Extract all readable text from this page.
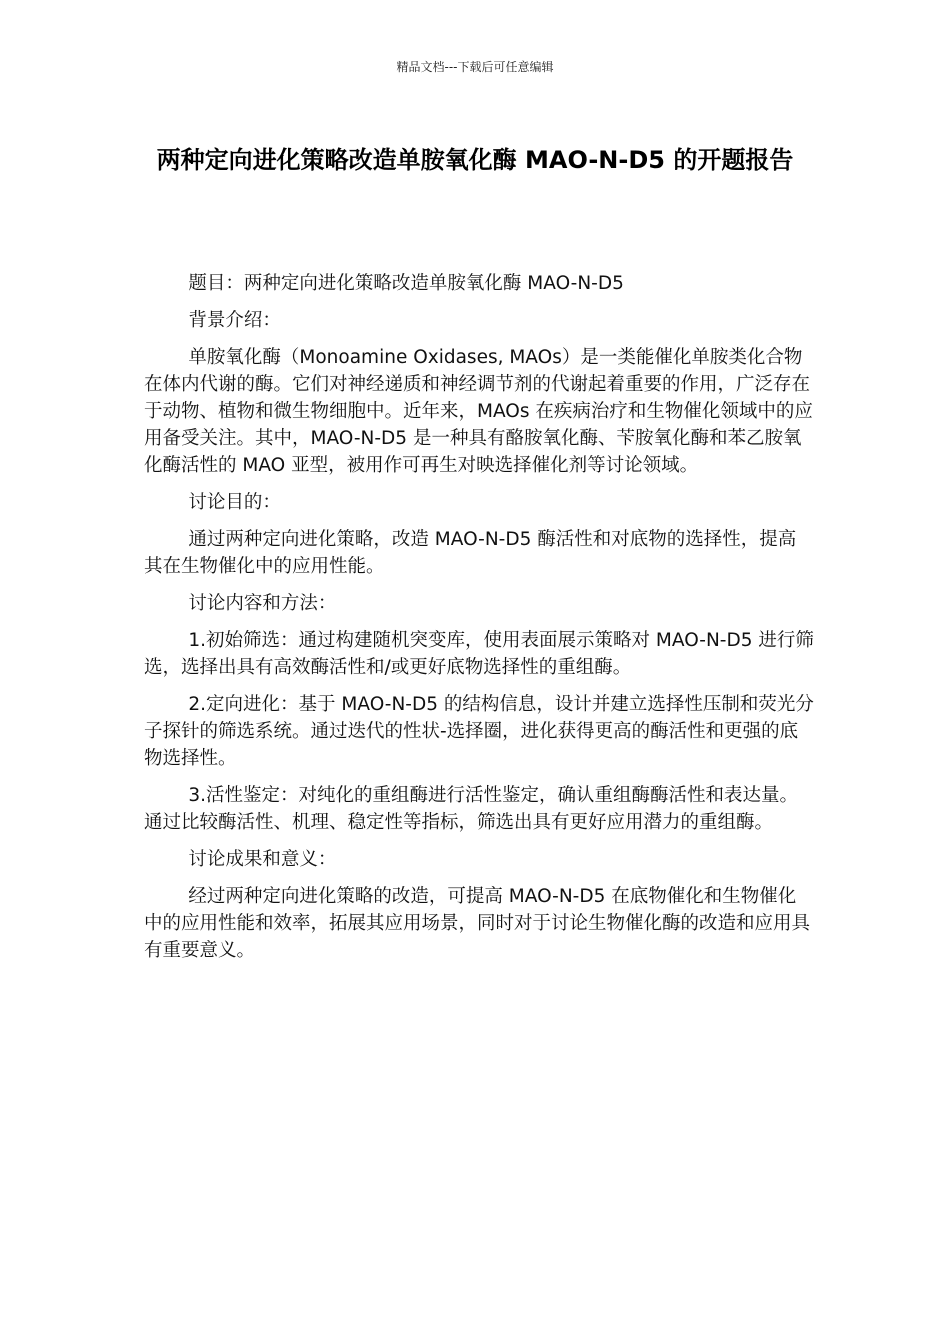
精品文档---下载后可任意编辑
两种定向进化策略改造单胺氧化酶 MAO-N-D5 的开题报告

题目：两种定向进化策略改造单胺氧化酶 MAO-N-D5

背景介绍：

单胺氧化酶（Monoamine Oxidases, MAOs）是一类能催化单胺类化合物在体内代谢的酶。它们对神经递质和神经调节剂的代谢起着重要的作用，广泛存在于动物、植物和微生物细胞中。近年来，MAOs 在疾病治疗和生物催化领域中的应用备受关注。其中，MAO-N-D5 是一种具有酪胺氧化酶、苄胺氧化酶和苯乙胺氧化酶活性的 MAO 亚型，被用作可再生对映选择催化剂等讨论领域。

讨论目的：

通过两种定向进化策略，改造 MAO-N-D5 酶活性和对底物的选择性，提高其在生物催化中的应用性能。

讨论内容和方法：

1.初始筛选：通过构建随机突变库，使用表面展示策略对 MAO-N-D5 进行筛选，选择出具有高效酶活性和/或更好底物选择性的重组酶。

2.定向进化：基于 MAO-N-D5 的结构信息，设计并建立选择性压制和荧光分子探针的筛选系统。通过迭代的性状-选择圈，进化获得更高的酶活性和更强的底物选择性。

3.活性鉴定：对纯化的重组酶进行活性鉴定，确认重组酶酶活性和表达量。通过比较酶活性、机理、稳定性等指标，筛选出具有更好应用潜力的重组酶。

讨论成果和意义：

经过两种定向进化策略的改造，可提高 MAO-N-D5 在底物催化和生物催化中的应用性能和效率，拓展其应用场景，同时对于讨论生物催化酶的改造和应用具有重要意义。
